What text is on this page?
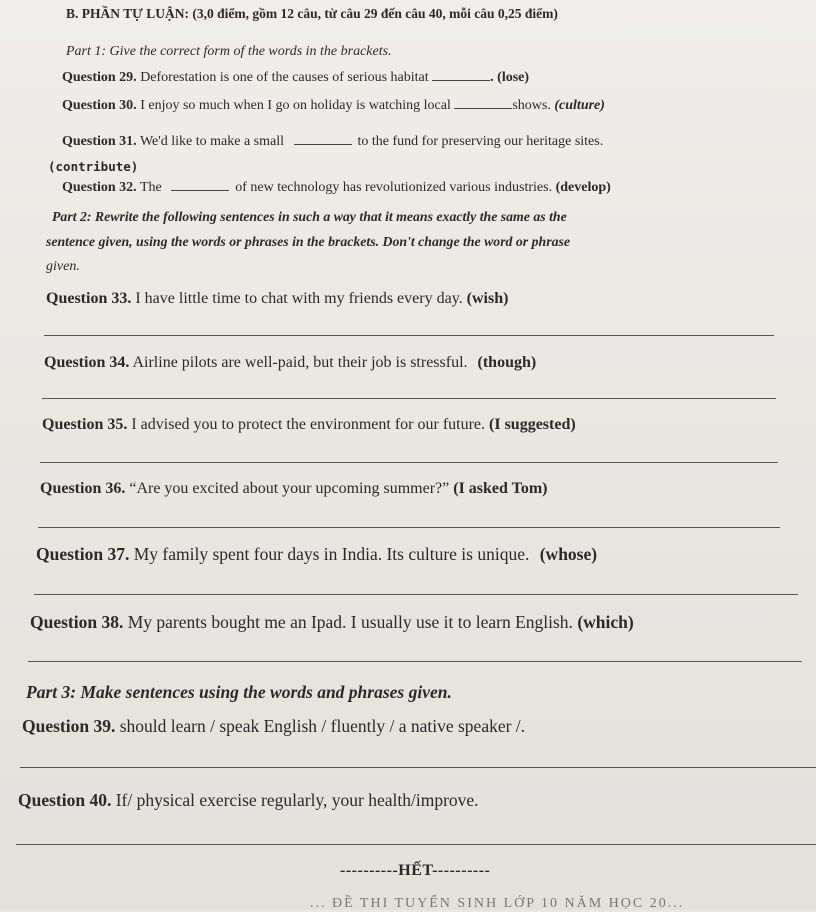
B. PHẦN TỰ LUẬN: (3,0 điểm, gồm 12 câu, từ câu 29 đến câu 40, mỗi câu 0,25 điểm)
Part 1: Give the correct form of the words in the brackets.
Question 29. Deforestation is one of the causes of serious habitat	. (lose)
Question 30. I enjoy so much when I go on holiday is watching local	shows. (culture)
Question 31. We'd like to make a small	to the fund for preserving our heritage sites.
(contribute)
Question 32. The	of new technology has revolutionized various industries. (develop)
Part 2: Rewrite the following sentences in such a way that it means exactly the same as the
sentence given, using the words or phrases in the brackets. Don't change the word or phrase
given.
Question 33. I have little time to chat with my friends every day. (wish)
Question 34. Airline pilots are well-paid, but their job is stressful. (though)
Question 35. I advised you to protect the environment for our future. (I suggested)
Question 36. “Are you excited about your upcoming summer?” (I asked Tom)
Question 37. My family spent four days in India. Its culture is unique. (whose)
Question 38. My parents bought me an Ipad. I usually use it to learn English. (which)
Part 3: Make sentences using the words and phrases given.
Question 39. should learn / speak English / fluently / a native speaker /.
Question 40. If/ physical exercise regularly, your health/improve.
----------HẾT----------
... ĐỀ THI TUYỂN SINH LỚP 10 NĂM HỌC 20...
